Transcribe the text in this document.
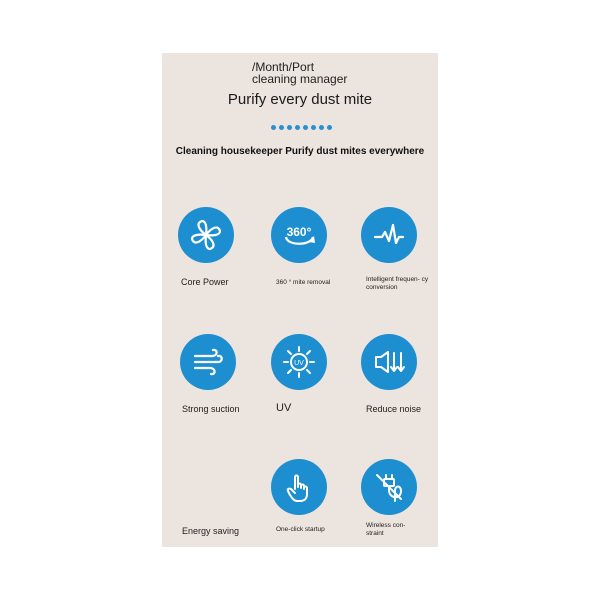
/Month/Port
cleaning manager
Purify every dust mite
Cleaning housekeeper Purify dust mites everywhere
360°
Core Power	360 ° mite removal	Intelligent frequen- cy conversion
UV
Strong suction	UV	Reduce noise
Energy saving	One-click startup
Wireless con- straint
